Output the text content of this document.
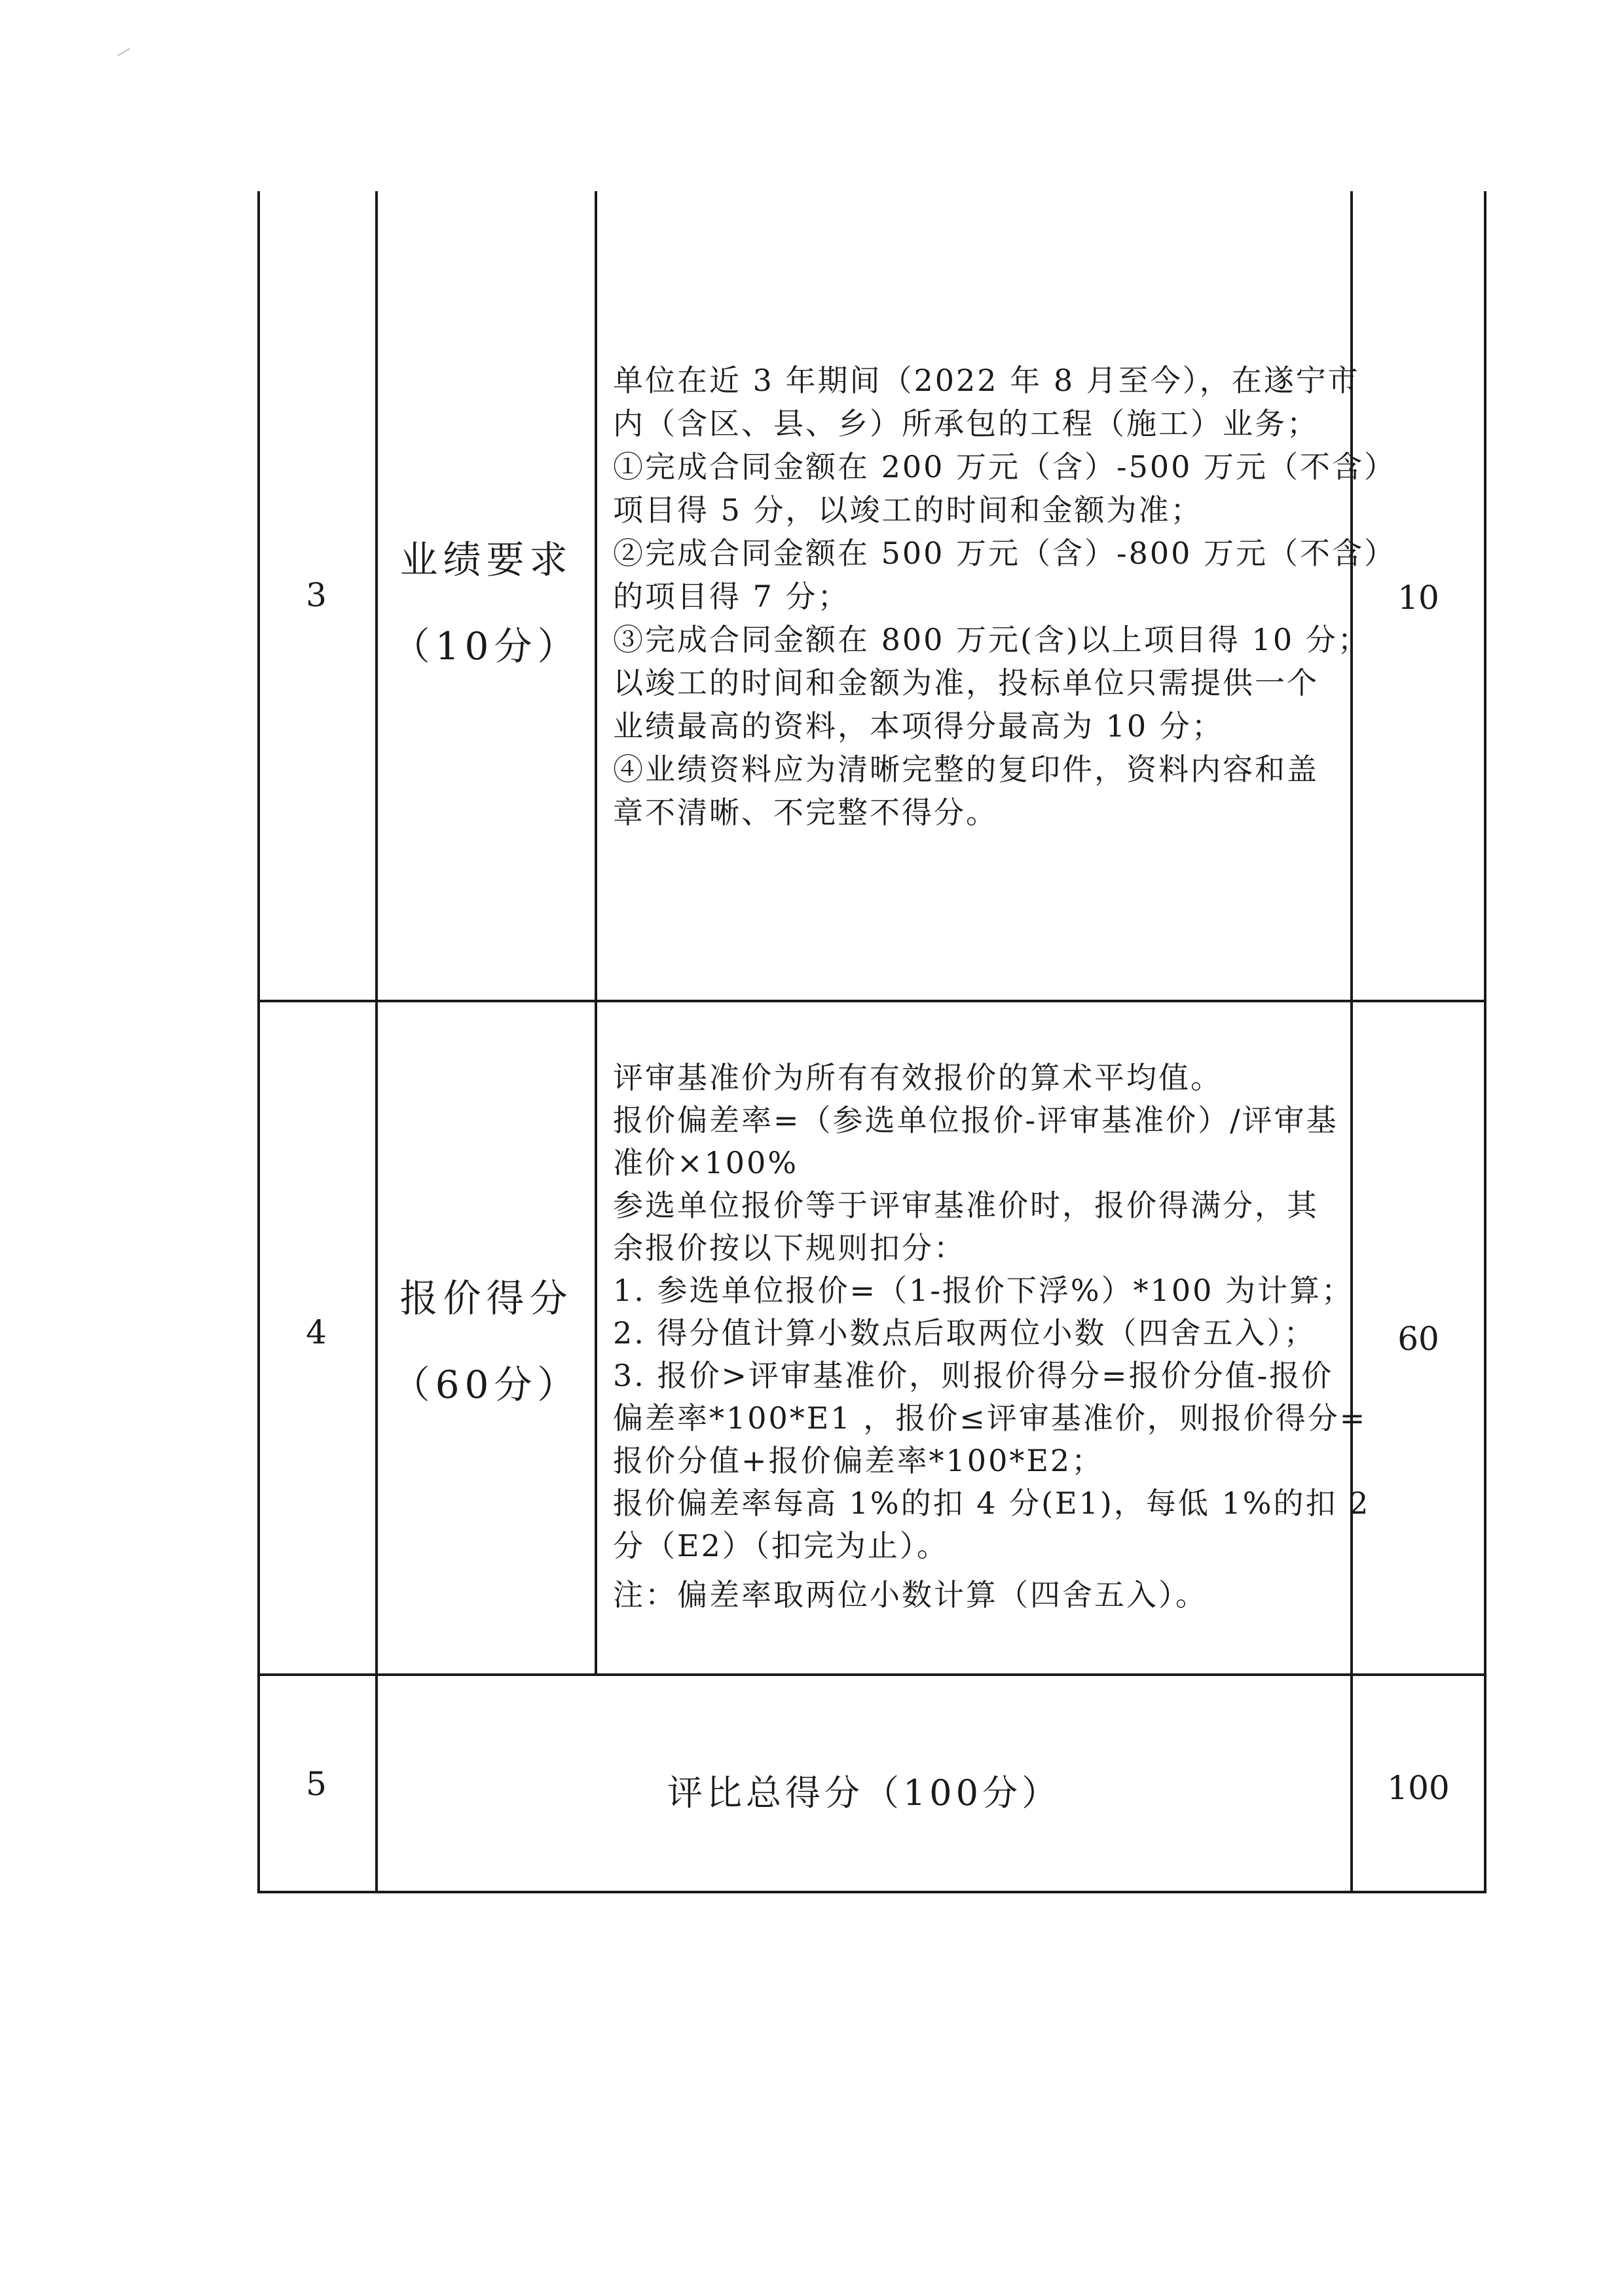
3
业绩要求
（10分）
单位在近 3 年期间（2022 年 8 月至今），在遂宁市
内（含区、县、乡）所承包的工程（施工）业务；
①完成合同金额在 200 万元（含）-500 万元（不含）
项目得 5 分，以竣工的时间和金额为准；
②完成合同金额在 500 万元（含）-800 万元（不含）
的项目得 7 分；
③完成合同金额在 800 万元(含)以上项目得 10 分；
以竣工的时间和金额为准，投标单位只需提供一个
业绩最高的资料，本项得分最高为 10 分；
④业绩资料应为清晰完整的复印件，资料内容和盖
章不清晰、不完整不得分。
10
4
报价得分
（60分）
评审基准价为所有有效报价的算术平均值。
报价偏差率=（参选单位报价-评审基准价）/评审基
准价×100%
参选单位报价等于评审基准价时，报价得满分，其
余报价按以下规则扣分：
1. 参选单位报价=（1-报价下浮%）*100 为计算；
2. 得分值计算小数点后取两位小数（四舍五入）；
3. 报价>评审基准价，则报价得分=报价分值-报价
偏差率*100*E1 ，报价≤评审基准价，则报价得分=
报价分值+报价偏差率*100*E2；
报价偏差率每高 1%的扣 4 分(E1)，每低 1%的扣 2
分（E2）（扣完为止）。
注：偏差率取两位小数计算（四舍五入）。
60
5	评比总得分（100分）	100
